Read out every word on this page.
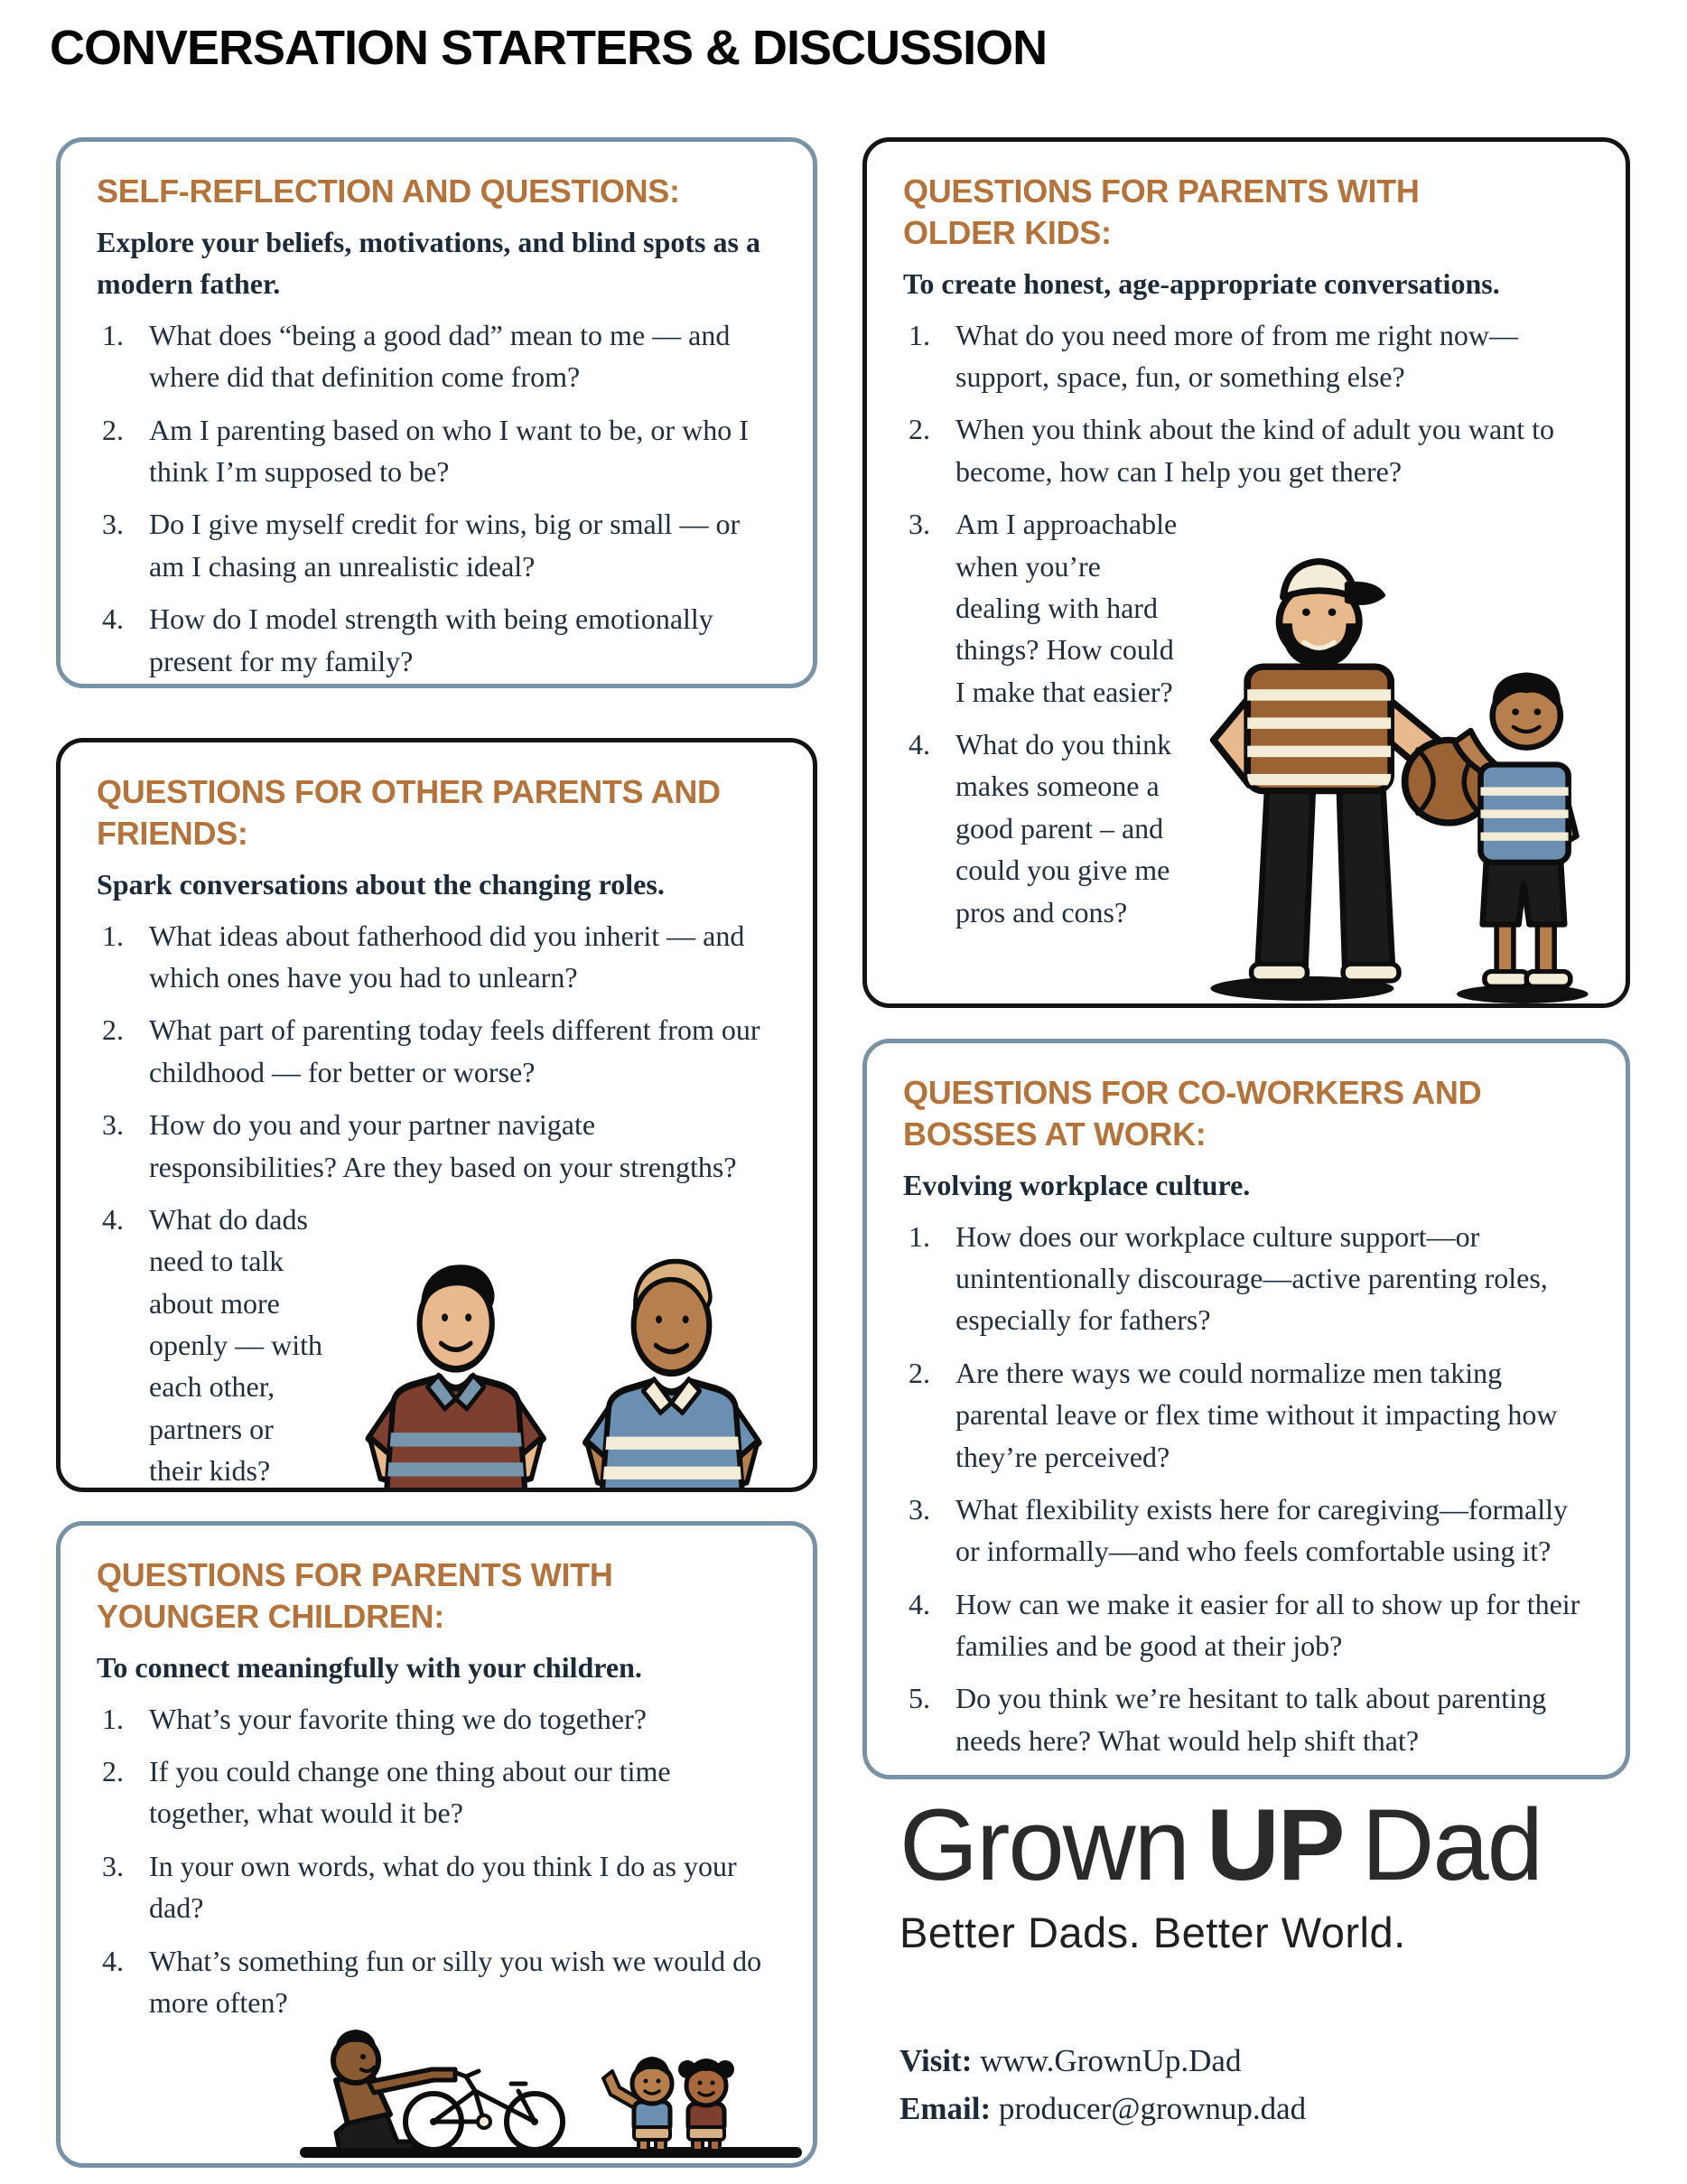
CONVERSATION STARTERS & DISCUSSION
SELF-REFLECTION AND QUESTIONS:

Explore your beliefs, motivations, and blind spots as a modern father.

What does “being a good dad” mean to me — and where did that definition come from?
Am I parenting based on who I want to be, or who I think I’m supposed to be?
Do I give myself credit for wins, big or small — or am I chasing an unrealistic ideal?
How do I model strength with being emotionally present for my family?
QUESTIONS FOR OTHER PARENTS AND FRIENDS:

Spark conversations about the changing roles.

What ideas about fatherhood did you inherit — and which ones have you had to unlearn?
What part of parenting today feels different from our childhood — for better or worse?
How do you and your partner navigate responsibilities? Are they based on your strengths?
What do dads need to talk about more openly — with each other, partners or their kids?
QUESTIONS FOR PARENTS WITH YOUNGER CHILDREN:

To connect meaningfully with your children.

What’s your favorite thing we do together?
If you could change one thing about our time together, what would it be?
In your own words, what do you think I do as your dad?
What’s something fun or silly you wish we would do more often?
QUESTIONS FOR PARENTS WITH OLDER KIDS:

To create honest, age-appropriate conversations.

What do you need more of from me right now— support, space, fun, or something else?
When you think about the kind of adult you want to become, how can I help you get there?
Am I approachable when you’re dealing with hard things? How could I make that easier?
What do you think makes someone a good parent – and could you give me pros and cons?
QUESTIONS FOR CO-WORKERS AND BOSSES AT WORK:

Evolving workplace culture.

How does our workplace culture support—or unintentionally discourage—active parenting roles, especially for fathers?
Are there ways we could normalize men taking parental leave or flex time without it impacting how they’re perceived?
What flexibility exists here for caregiving—formally or informally—and who feels comfortable using it?
How can we make it easier for all to show up for their families and be good at their job?
Do you think we’re hesitant to talk about parenting needs here? What would help shift that?
Grown UP Dad
Better Dads. Better World.
Visit: www.GrownUp.Dad
Email: producer@grownup.dad
